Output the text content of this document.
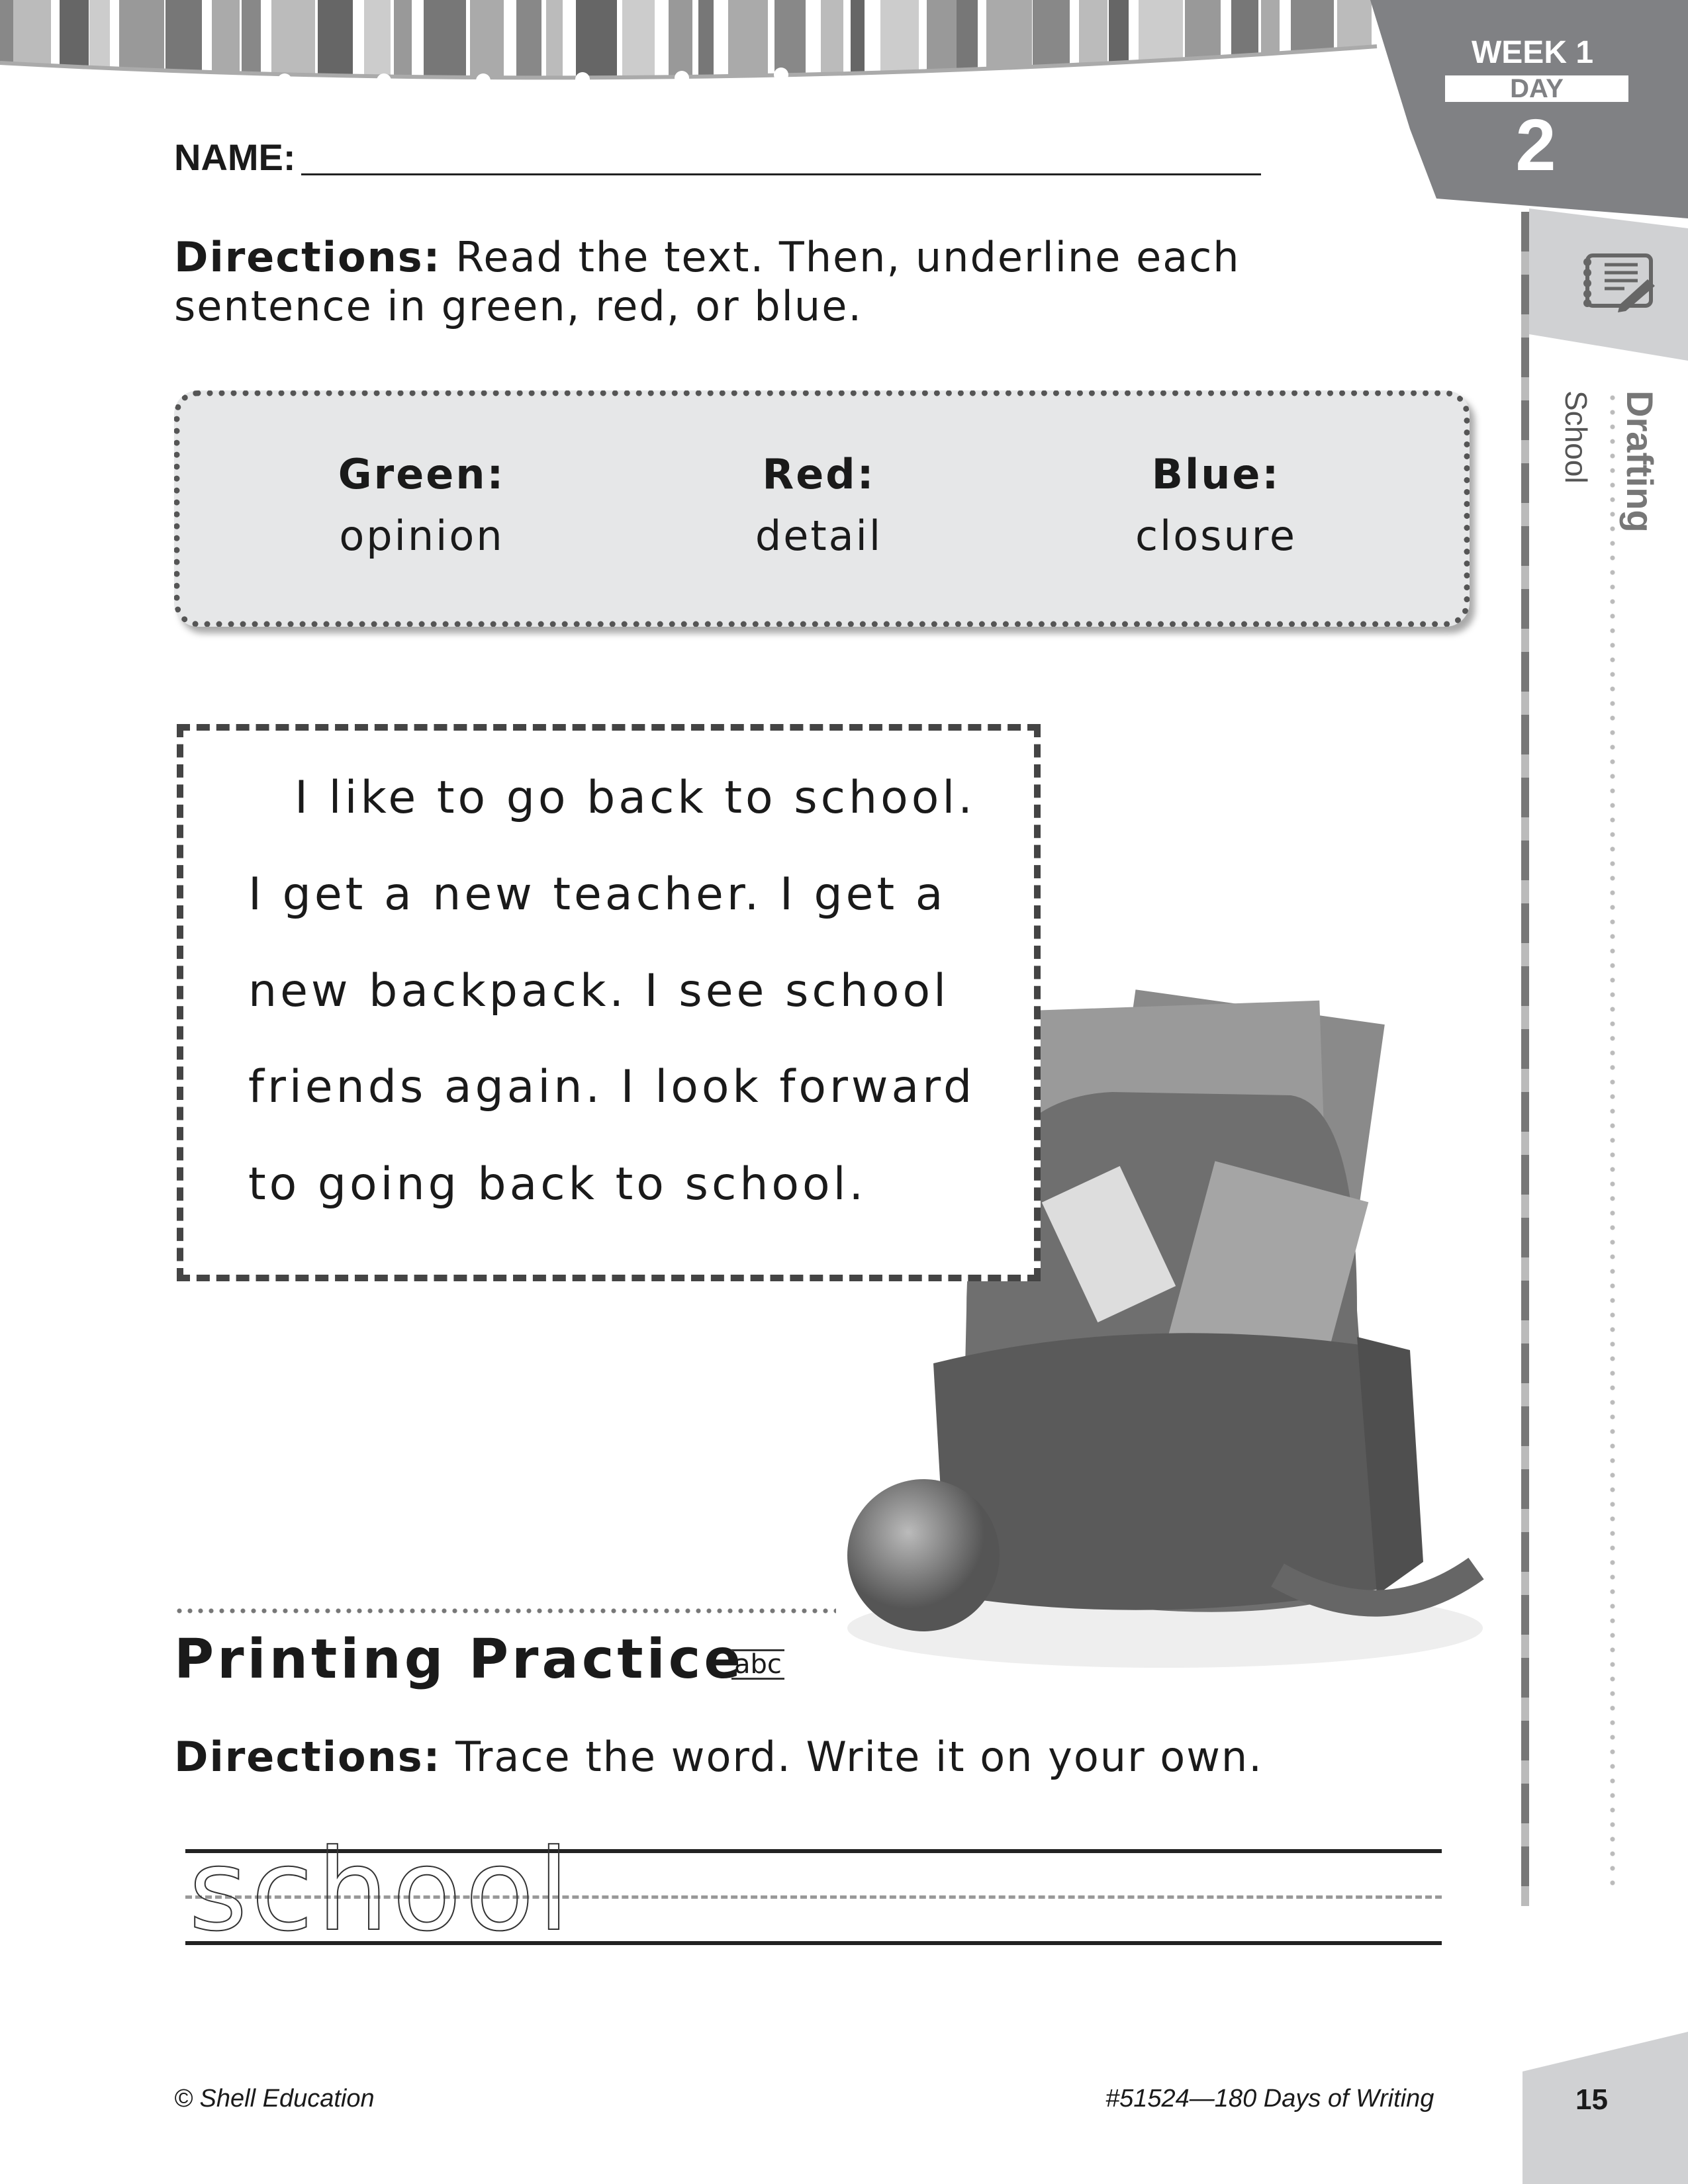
WEEK 1
DAY
2
Drafting
School
NAME:
Directions: Read the text. Then, underline each sentence in green, red, or blue.
Green:
opinion
Red:
detail
Blue:
closure
I like to go back to school.
I get a new teacher. I get a
new backpack. I see school
friends again. I look forward
to going back to school.
Printing Practice
abc
Directions: Trace the word. Write it on your own.
school
© Shell Education	#51524—180 Days of Writing	15
